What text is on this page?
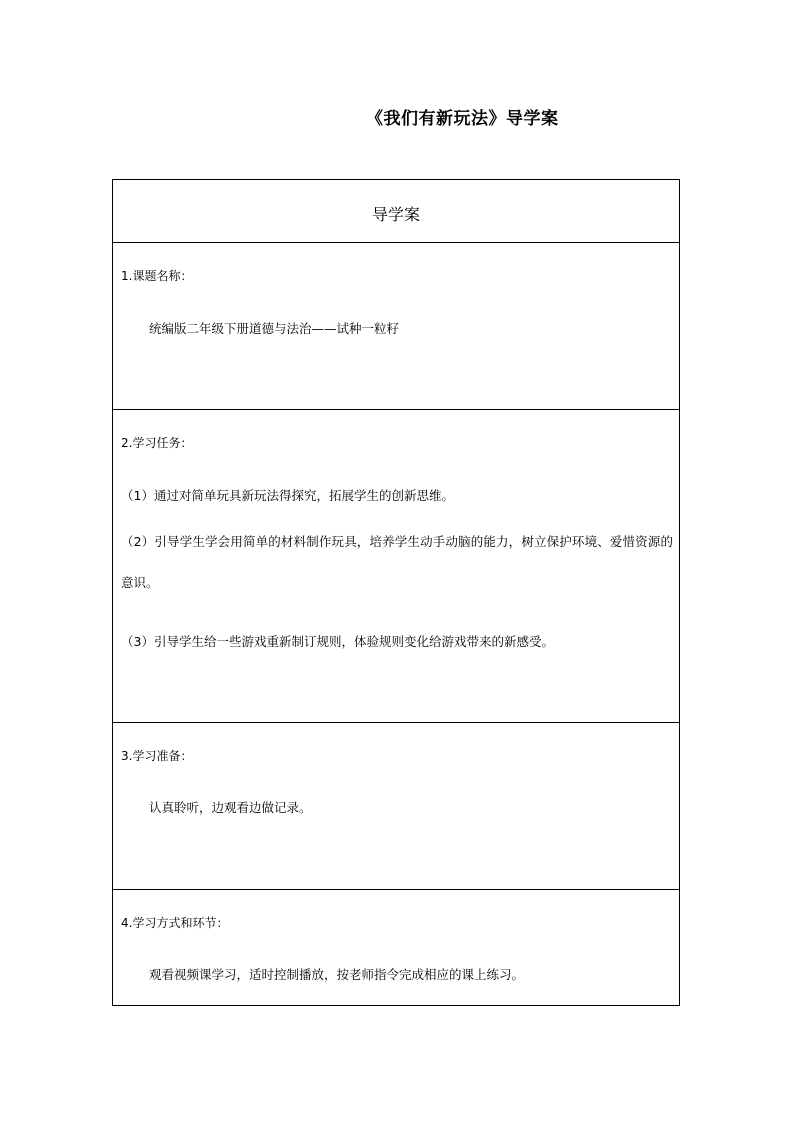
《我们有新玩法》导学案
导学案
1.课题名称：
统编版二年级下册道德与法治——试种一粒籽
2.学习任务：
（1）通过对简单玩具新玩法得探究，拓展学生的创新思维。
（2）引导学生学会用简单的材料制作玩具，培养学生动手动脑的能力，树立保护环境、爱惜资源的意识。
（3）引导学生给一些游戏重新制订规则，体验规则变化给游戏带来的新感受。
3.学习准备：
认真聆听，边观看边做记录。
4.学习方式和环节：
观看视频课学习，适时控制播放，按老师指令完成相应的课上练习。
